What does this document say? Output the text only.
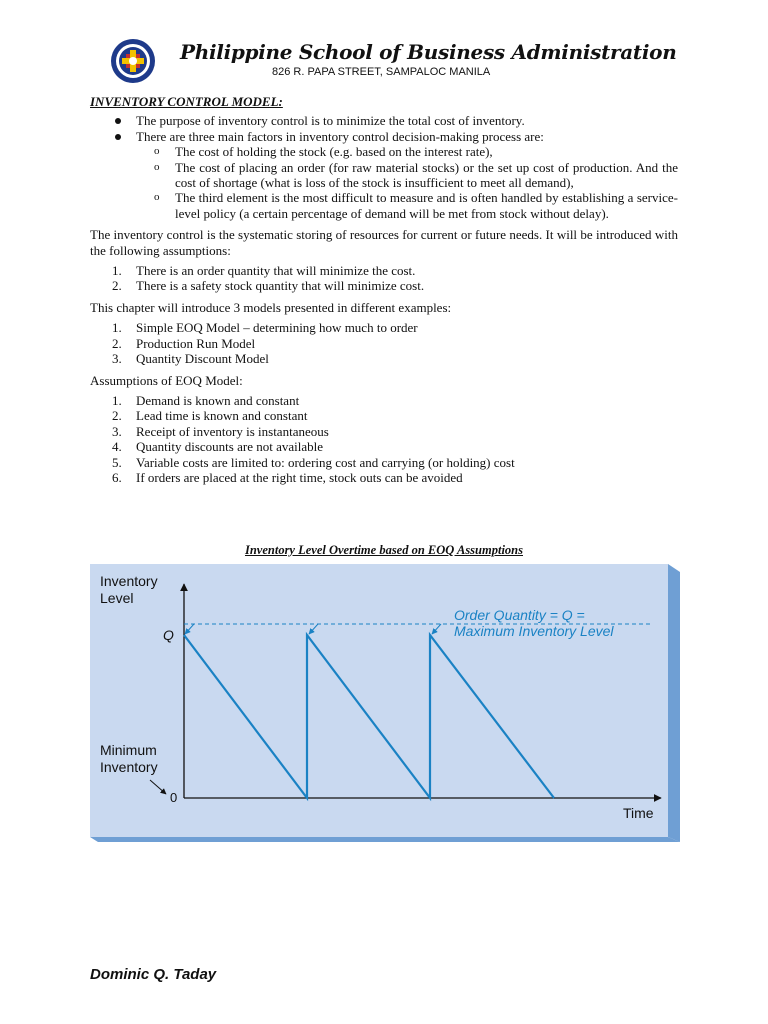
Philippine School of Business Administration
826 R. PAPA STREET, SAMPALOC MANILA
INVENTORY CONTROL MODEL:
The purpose of inventory control is to minimize the total cost of inventory.
There are three main factors in inventory control decision-making process are:
o The cost of holding the stock (e.g. based on the interest rate),
o The cost of placing an order (for raw material stocks) or the set up cost of production. And the cost of shortage (what is loss of the stock is insufficient to meet all demand),
o The third element is the most difficult to measure and is often handled by establishing a service-level policy (a certain percentage of demand will be met from stock without delay).

The inventory control is the systematic storing of resources for current or future needs. It will be introduced with the following assumptions:

1. There is an order quantity that will minimize the cost.
2. There is a safety stock quantity that will minimize cost.

This chapter will introduce 3 models presented in different examples:

1. Simple EOQ Model – determining how much to order
2. Production Run Model
3. Quantity Discount Model

Assumptions of EOQ Model:

1. Demand is known and constant
2. Lead time is known and constant
3. Receipt of inventory is instantaneous
4. Quantity discounts are not available
5. Variable costs are limited to: ordering cost and carrying (or holding) cost
6. If orders are placed at the right time, stock outs can be avoided
Inventory Level Overtime based on EOQ Assumptions
Inventory
Level
Q
Minimum
Inventory
0
Time
Order Quantity = Q =
Maximum Inventory Level
Dominic Q. Taday
